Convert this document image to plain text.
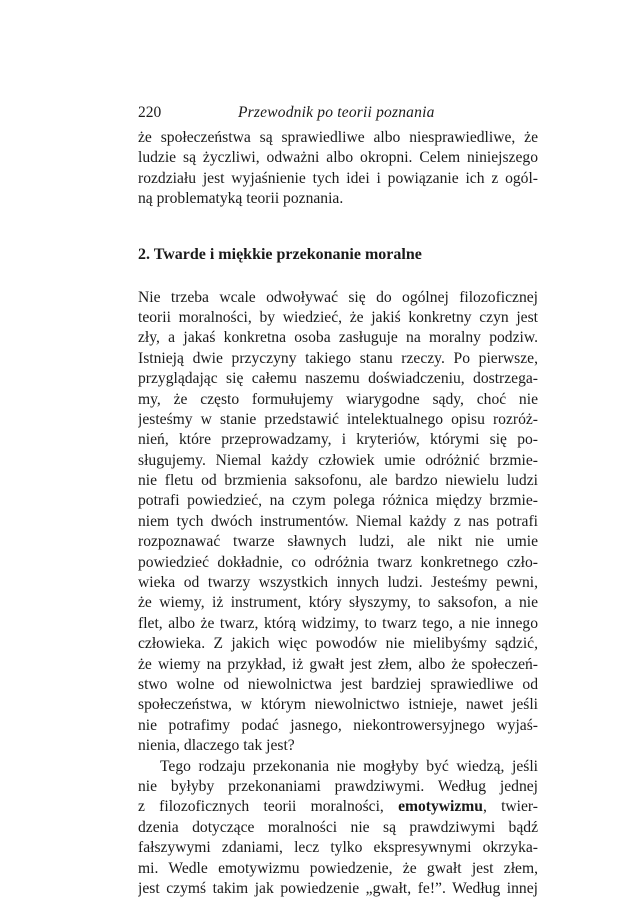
220	Przewodnik po teorii poznania
że społeczeństwa są sprawiedliwe albo niesprawiedliwe, że
ludzie są życzliwi, odważni albo okropni. Celem niniejszego
rozdziału jest wyjaśnienie tych idei i powiązanie ich z ogól-
ną problematyką teorii poznania.
2. Twarde i miękkie przekonanie moralne
Nie trzeba wcale odwoływać się do ogólnej filozoficznej
teorii moralności, by wiedzieć, że jakiś konkretny czyn jest
zły, a jakaś konkretna osoba zasługuje na moralny podziw.
Istnieją dwie przyczyny takiego stanu rzeczy. Po pierwsze,
przyglądając się całemu naszemu doświadczeniu, dostrzega-
my, że często formułujemy wiarygodne sądy, choć nie
jesteśmy w stanie przedstawić intelektualnego opisu rozróż-
nień, które przeprowadzamy, i kryteriów, którymi się po-
sługujemy. Niemal każdy człowiek umie odróżnić brzmie-
nie fletu od brzmienia saksofonu, ale bardzo niewielu ludzi
potrafi powiedzieć, na czym polega różnica między brzmie-
niem tych dwóch instrumentów. Niemal każdy z nas potrafi
rozpoznawać twarze sławnych ludzi, ale nikt nie umie
powiedzieć dokładnie, co odróżnia twarz konkretnego czło-
wieka od twarzy wszystkich innych ludzi. Jesteśmy pewni,
że wiemy, iż instrument, który słyszymy, to saksofon, a nie
flet, albo że twarz, którą widzimy, to twarz tego, a nie innego
człowieka. Z jakich więc powodów nie mielibyśmy sądzić,
że wiemy na przykład, iż gwałt jest złem, albo że społeczeń-
stwo wolne od niewolnictwa jest bardziej sprawiedliwe od
społeczeństwa, w którym niewolnictwo istnieje, nawet jeśli
nie potrafimy podać jasnego, niekontrowersyjnego wyjaś-
nienia, dlaczego tak jest?
Tego rodzaju przekonania nie mogłyby być wiedzą, jeśli
nie byłyby przekonaniami prawdziwymi. Według jednej
z filozoficznych teorii moralności, emotywizmu, twier-
dzenia dotyczące moralności nie są prawdziwymi bądź
fałszywymi zdaniami, lecz tylko ekspresywnymi okrzyka-
mi. Wedle emotywizmu powiedzenie, że gwałt jest złem,
jest czymś takim jak powiedzenie „gwałt, fe!”. Według innej
